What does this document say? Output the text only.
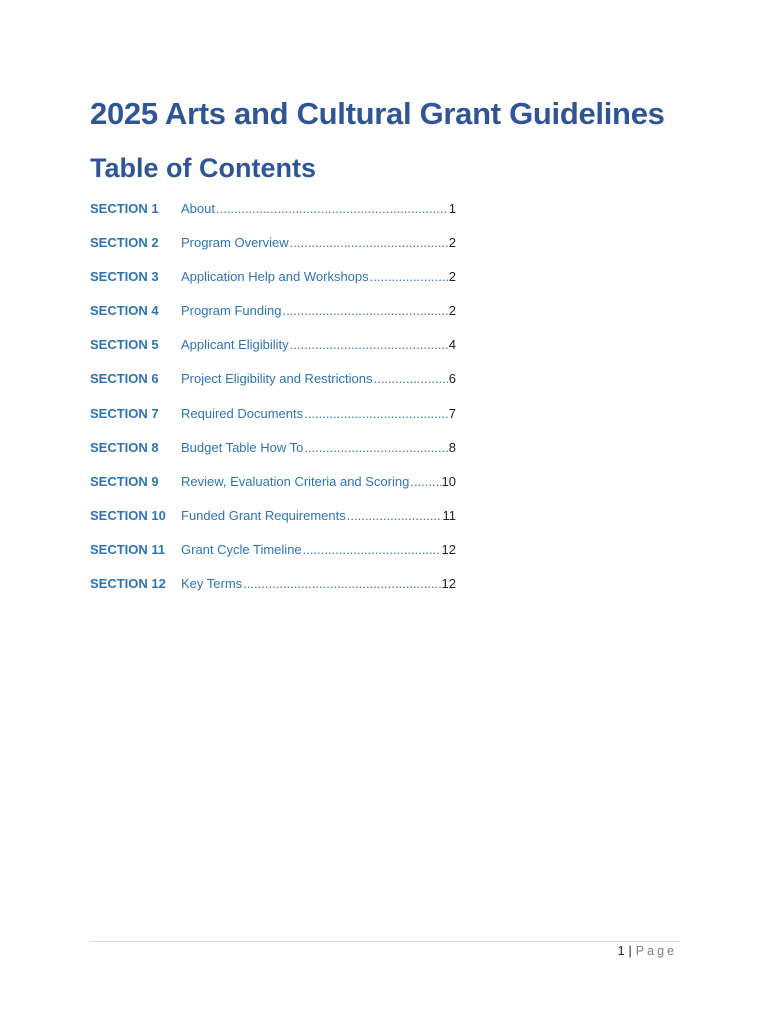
2025 Arts and Cultural Grant Guidelines
Table of Contents
SECTION 1	About .....	1
SECTION 2	Program Overview .....	2
SECTION 3	Application Help and Workshops .....	2
SECTION 4	Program Funding .....	2
SECTION 5	Applicant Eligibility .....	4
SECTION 6	Project Eligibility and Restrictions .....	6
SECTION 7	Required Documents .....	7
SECTION 8	Budget Table How To .....	8
SECTION 9	Review, Evaluation Criteria and Scoring ..... 10
SECTION 10	Funded Grant Requirements .....	11
SECTION 11	Grant Cycle Timeline .....	12
SECTION 12	Key Terms .....	12
1 | Page
